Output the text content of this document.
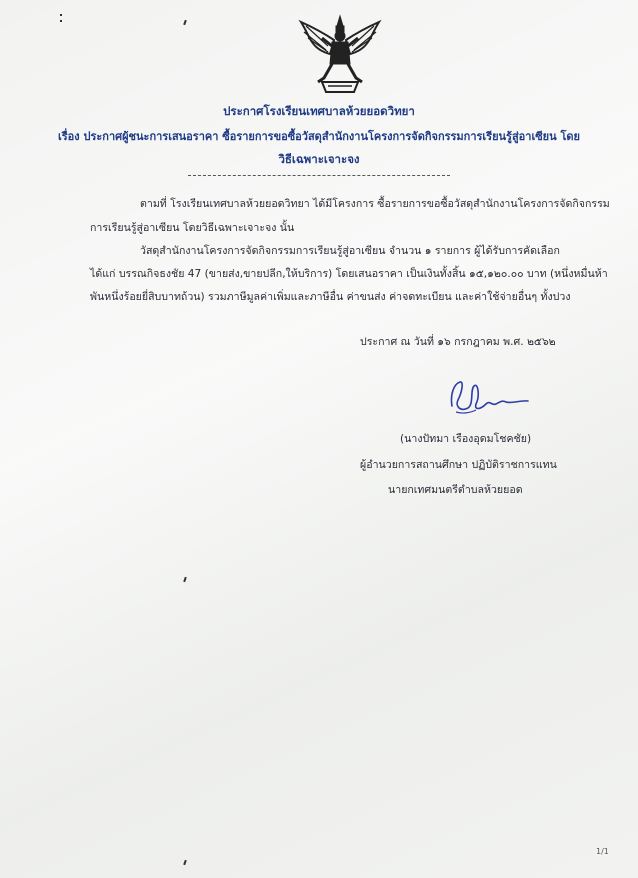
ประกาศโรงเรียนเทศบาลห้วยยอดวิทยา
เรื่อง ประกาศผู้ชนะการเสนอราคา ซื้อรายการขอซื้อวัสดุสำนักงานโครงการจัดกิจกรรมการเรียนรู้สู่อาเซียน โดย
วิธีเฉพาะเจาะจง
ตามที่ โรงเรียนเทศบาลห้วยยอดวิทยา ได้มีโครงการ ซื้อรายการขอซื้อวัสดุสำนักงานโครงการจัดกิจกรรม
การเรียนรู้สู่อาเซียน โดยวิธีเฉพาะเจาะจง นั้น
วัสดุสำนักงานโครงการจัดกิจกรรมการเรียนรู้สู่อาเซียน จำนวน ๑ รายการ ผู้ได้รับการคัดเลือก
ได้แก่ บรรณกิจธงชัย 47 (ขายส่ง,ขายปลีก,ให้บริการ) โดยเสนอราคา เป็นเงินทั้งสิ้น ๑๕,๑๒๐.๐๐ บาท (หนึ่งหมื่นห้า
พันหนึ่งร้อยยี่สิบบาทถ้วน) รวมภาษีมูลค่าเพิ่มและภาษีอื่น ค่าขนส่ง ค่าจดทะเบียน และค่าใช้จ่ายอื่นๆ ทั้งปวง
ประกาศ ณ วันที่ ๑๖ กรกฎาคม พ.ศ. ๒๕๖๒
(นางปัทมา เรืองอุดมโชคชัย)
ผู้อำนวยการสถานศึกษา ปฏิบัติราชการแทน
นายกเทศมนตรีตำบลห้วยยอด
1/1
